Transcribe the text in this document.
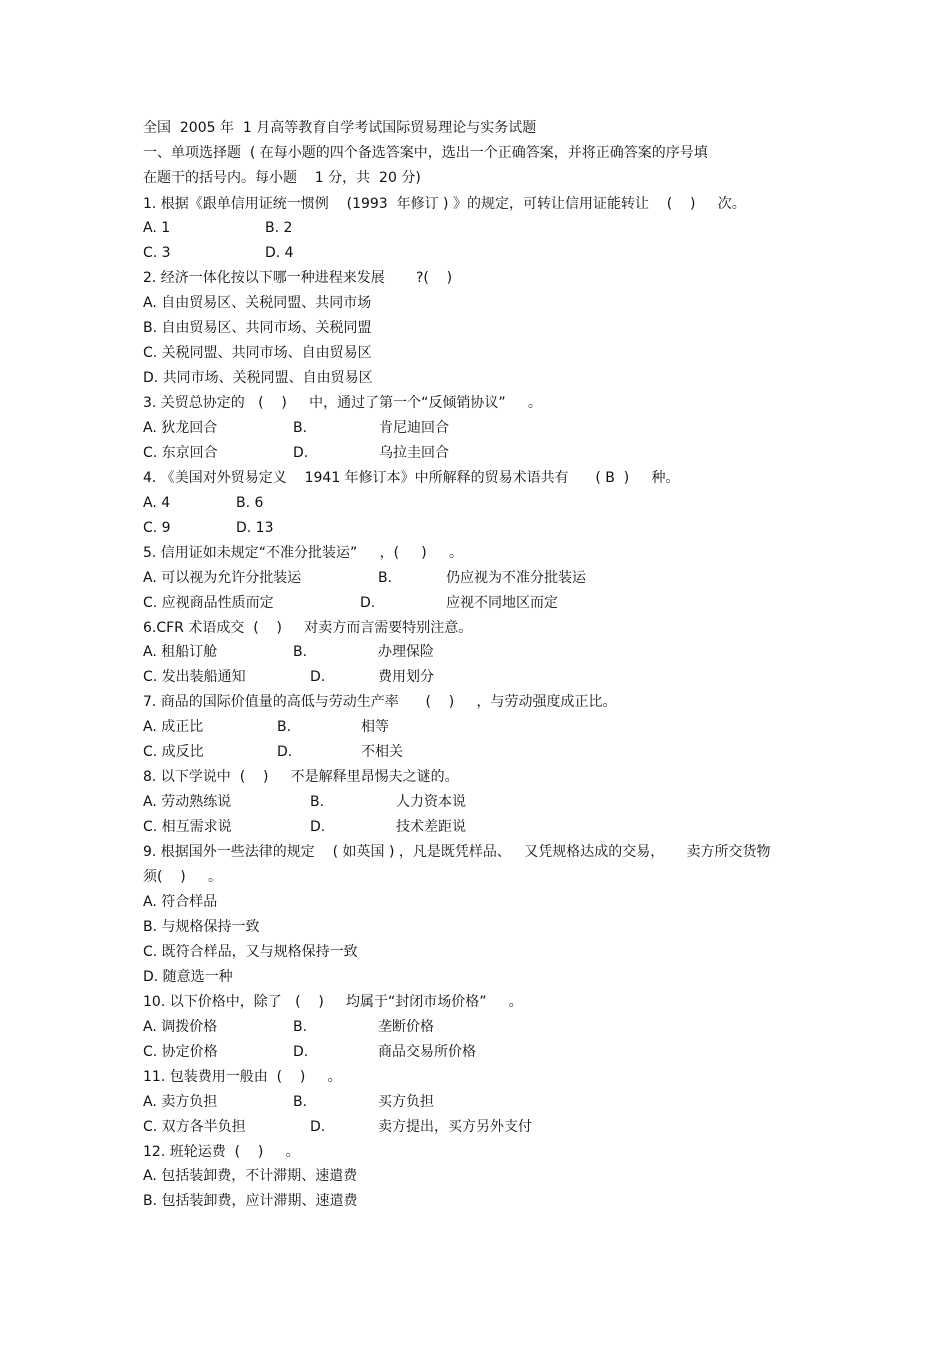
全国  2005 年  1 月高等教育自学考试国际贸易理论与实务试题

一、单项选择题  ( 在每小题的四个备选答案中，选出一个正确答案，并将正确答案的序号填

在题干的括号内。每小题    1 分，共  20 分)

1. 根据《跟单信用证统一惯例    (1993  年修订 ) 》的规定，可转让信用证能转让    (    )     次。

A. 1	B. 2

C. 3	D. 4

2. 经济一体化按以下哪一种进程来发展       ?(    )

A. 自由贸易区、关税同盟、共同市场

B. 自由贸易区、共同市场、关税同盟

C. 关税同盟、共同市场、自由贸易区

D. 共同市场、关税同盟、自由贸易区

3. 关贸总协定的   (    )     中，通过了第一个“反倾销协议”     。

A. 狄龙回合	B.	肯尼迪回合

C. 东京回合	D.	乌拉圭回合

4. 《美国对外贸易定义    1941 年修订本》中所解释的贸易术语共有      ( B  )     种。

A. 4	B. 6

C. 9	D. 13

5. 信用证如未规定“不准分批装运”     ，(     )     。

A. 可以视为允许分批装运	B.	仍应视为不准分批装运

C. 应视商品性质而定	D.	应视不同地区而定

6.CFR 术语成交  (    )     对卖方而言需要特别注意。

A. 租船订舱	B.	办理保险

C. 发出装船通知	D.	费用划分

7. 商品的国际价值量的高低与劳动生产率      (    )     ，与劳动强度成正比。

A. 成正比	B.	相等

C. 成反比	D.	不相关

8. 以下学说中  (    )     不是解释里昂惕夫之谜的。

A. 劳动熟练说	B.	人力资本说

C. 相互需求说	D.	技术差距说

9. 根据国外一些法律的规定    ( 如英国 ) ，凡是既凭样品、   又凭规格达成的交易，     卖方所交货物

须(    )     。

A. 符合样品

B. 与规格保持一致

C. 既符合样品，又与规格保持一致

D. 随意选一种

10. 以下价格中，除了   (    )     均属于“封闭市场价格”     。

A. 调拨价格	B.	垄断价格

C. 协定价格	D.	商品交易所价格

11. 包装费用一般由  (    )     。

A. 卖方负担	B.	买方负担

C. 双方各半负担	D.	卖方提出，买方另外支付

12. 班轮运费  (    )     。

A. 包括装卸费，不计滞期、速遣费

B. 包括装卸费，应计滞期、速遣费
